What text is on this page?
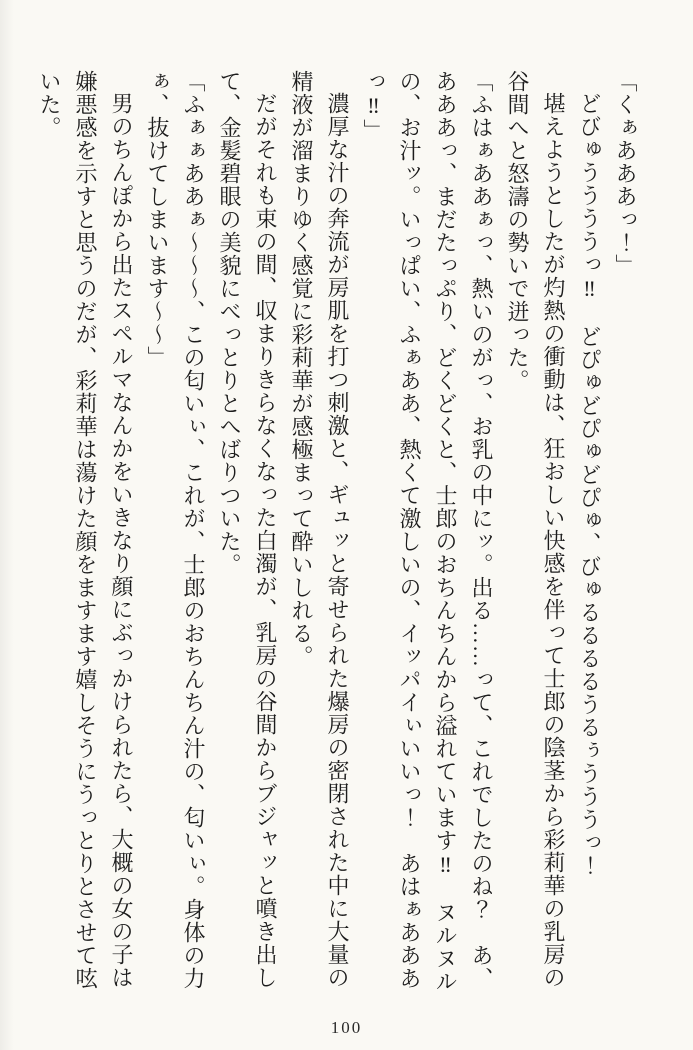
「くぁあああっ！」

どびゅううううっ‼　どぴゅどぴゅどぴゅ、びゅるるるるうるぅうううっ！

堪えようとしたが灼熱の衝動は、狂おしい快感を伴って士郎の陰茎から彩莉華の乳房の

谷間へと怒濤の勢いで迸った。

「ふはぁああぁっ、熱いのがっ、お乳の中にッ。出る……って、これでしたのね？　あ、

あああっ、まだたっぷり、どくどくと、士郎のおちんちんから溢れています‼　ヌルヌル

の、お汁ッ。いっぱい、ふぁああ、熱くて激しいの、イッパイぃいいっ！　あはぁあああ

っ‼」

濃厚な汁の奔流が房肌を打つ刺激と、ギュッと寄せられた爆房の密閉された中に大量の

精液が溜まりゆく感覚に彩莉華が感極まって酔いしれる。

だがそれも束の間、収まりきらなくなった白濁が、乳房の谷間からブジャッと噴き出し

て、金髪碧眼の美貌にべっとりとへばりついた。

「ふぁぁああぁ～～～、この匂いぃ、これが、士郎のおちんちん汁の、匂いぃ。身体の力

ぁ、抜けてしまいます～～」

男のちんぽから出たスペルマなんかをいきなり顔にぶっかけられたら、大概の女の子は

嫌悪感を示すと思うのだが、彩莉華は蕩けた顔をますます嬉しそうにうっとりとさせて呟

いた。

100
